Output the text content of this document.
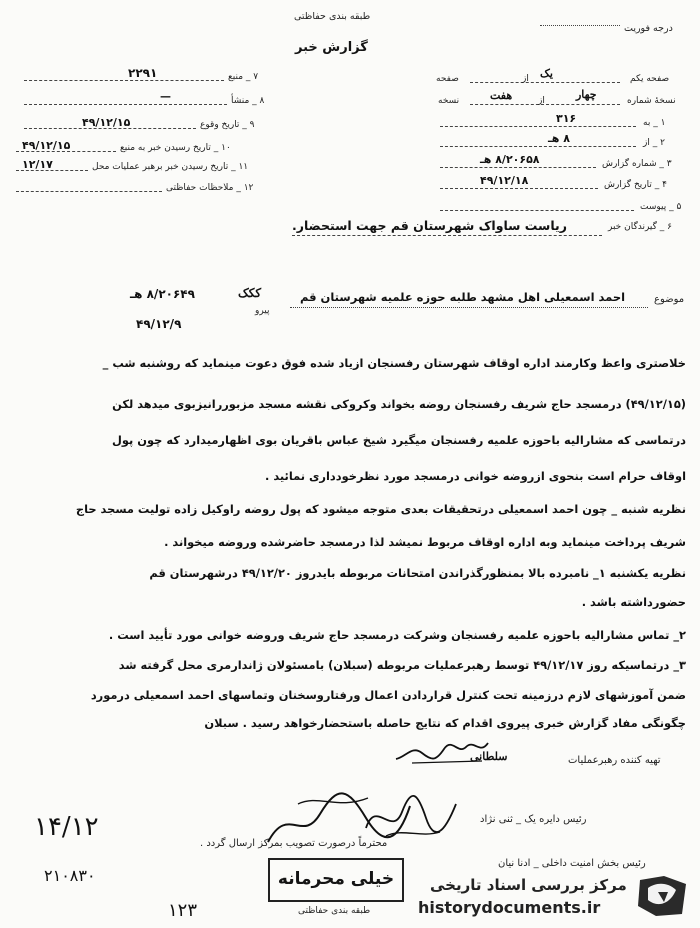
طبقه بندی حفاظتی
گزارش خبر
درجه فوریت
۷ _ منبع
۲۲۹۱
۸ _ منشأ
—
۹ _ تاریخ وقوع
۴۹/۱۲/۱۵
۱۰ _ تاریخ رسیدن خبر به منبع
۴۹/۱۲/۱۵
۱۱ _ تاریخ رسیدن خبر برهبر عملیات محل
۱۲/۱۷
۱۲ _ ملاحظات حفاظتی
صفحه یکم
یک
از
صفحه
نسخهٔ شماره
چهار
از
هفت
نسخه
۱ _ به
۳۱۶
۲ _ از
۸ هـ
۳ _ شماره گزارش
۸/۲۰۶۵۸ هـ
۴ _ تاریخ گزارش
۴۹/۱۲/۱۸
۵ _ پیوست
۶ _ گیرندگان خبر
ریاست ساواک شهرستان قم جهت استحضار.
موضوع
احمد اسمعیلی اهل مشهد طلبه حوزه علمیه شهرستان قم
ککک
پیرو
۸/۲۰۶۴۹ هـ
۴۹/۱۲/۹
خلاصتری واعظ وکارمند اداره اوقاف شهرستان رفسنجان ازیاد شده فوق دعوت مینماید که روشنبه شب _
(۴۹/۱۲/۱۵) درمسجد حاج شریف رفسنجان روضه بخواند وکروکی نقشه مسجد مزبوررانیزبوی میدهد لکن
درتماسی که مشارالیه باحوزه علمیه رفسنجان میگیرد شیخ عباس باقریان بوی اظهارمیدارد که چون پول
اوقاف حرام است بنحوی ازروضه خوانی درمسجد مورد نظرخودداری نمائید .
نظریه شنبه _ چون احمد اسمعیلی درتحقیقات بعدی متوجه میشود که پول روضه راوکیل زاده تولیت مسجد حاج
شریف پرداخت مینماید وبه اداره اوقاف مربوط نمیشد لذا درمسجد حاضرشده وروضه میخواند .
نظریه یکشنبه ۱_ نامبرده بالا بمنظورگذراندن امتحانات مربوطه بایدروز ۴۹/۱۲/۲۰ درشهرستان قم
حضورداشته باشد .
۲_ تماس مشارالیه باحوزه علمیه رفسنجان وشرکت درمسجد حاج شریف وروضه خوانی مورد تأیید است .
۳_ درتماسیکه روز ۴۹/۱۲/۱۷ توسط رهبرعملیات مربوطه (سبلان) بامسئولان ژاندارمری محل گرفته شد
ضمن آموزشهای لازم درزمینه تحت کنترل قراردادن اعمال ورفتاروسخنان وتماسهای احمد اسمعیلی درمورد
چگونگی مفاد گزارش خبری پیروی اقدام که نتایج حاصله باستحضارخواهد رسید . سبلان
تهیه کننده رهبرعملیات
سلطانی
رئیس دایره یک _ ثنی نژاد
محترماً درصورت تصویب بمرکز ارسال گردد .
رئیس بخش امنیت داخلی _ ادنا نیان
۱۴/۱۲
۲۱۰۸۳۰
۱۲۳
خیلی محرمانه
طبقه بندی حفاظتی
مرکز بررسی اسناد تاریخی
historydocuments.ir
